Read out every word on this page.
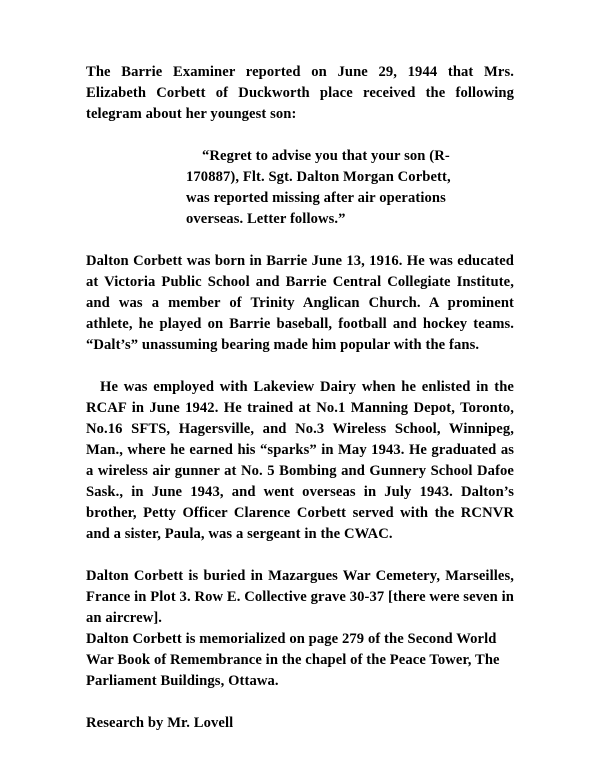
The Barrie Examiner reported on June 29, 1944 that Mrs. Elizabeth Corbett of Duckworth place received the following telegram about her youngest son:

“Regret to advise you that your son (R-170887), Flt. Sgt. Dalton Morgan Corbett, was reported missing after air operations overseas. Letter follows.”

Dalton Corbett was born in Barrie June 13, 1916. He was educated at Victoria Public School and Barrie Central Collegiate Institute, and was a member of Trinity Anglican Church. A prominent athlete, he played on Barrie baseball, football and hockey teams. “Dalt’s” unassuming bearing made him popular with the fans.

He was employed with Lakeview Dairy when he enlisted in the RCAF in June 1942. He trained at No.1 Manning Depot, Toronto, No.16 SFTS, Hagersville, and No.3 Wireless School, Winnipeg, Man., where he earned his “sparks” in May 1943. He graduated as a wireless air gunner at No. 5 Bombing and Gunnery School Dafoe Sask., in June 1943, and went overseas in July 1943. Dalton’s brother, Petty Officer Clarence Corbett served with the RCNVR and a sister, Paula, was a sergeant in the CWAC.

Dalton Corbett is buried in Mazargues War Cemetery, Marseilles, France in Plot 3. Row E. Collective grave 30-37 [there were seven in an aircrew].

Dalton Corbett is memorialized on page 279 of the Second World War Book of Remembrance in the chapel of the Peace Tower, The Parliament Buildings, Ottawa.

Research by Mr. Lovell
